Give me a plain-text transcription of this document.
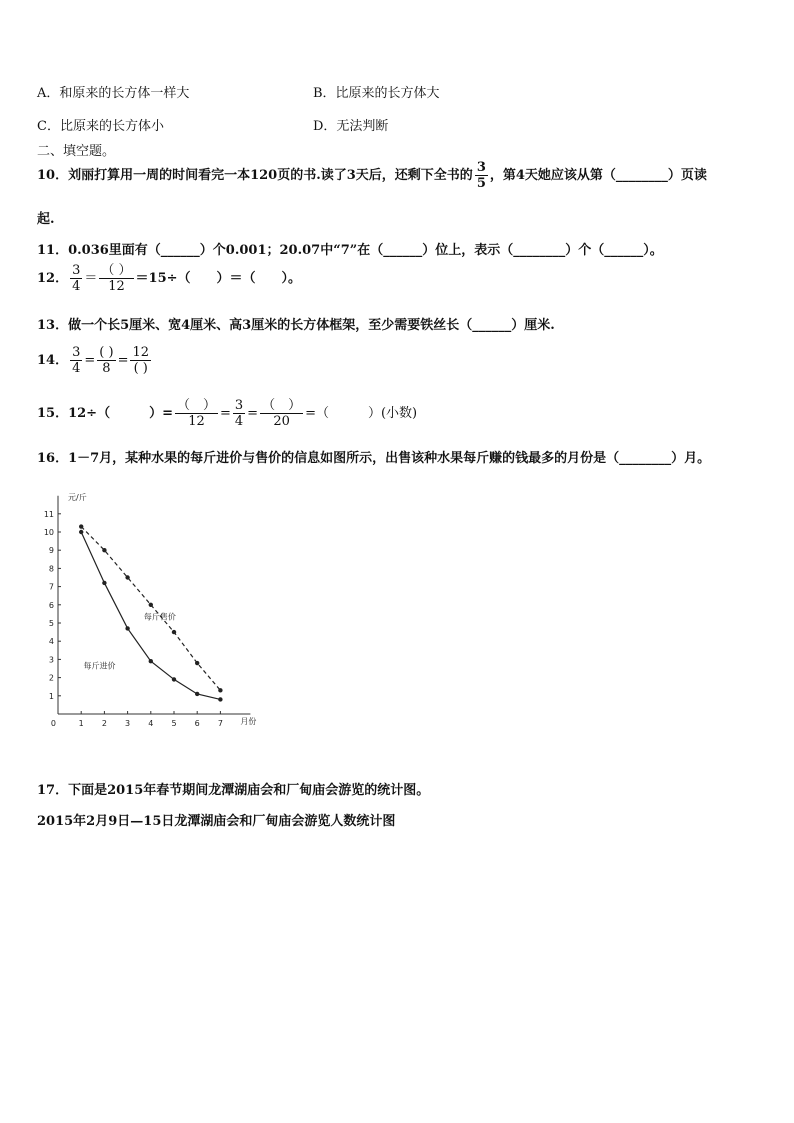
A．和原来的长方体一样大	B．比原来的长方体大
C．比原来的长方体小	D．无法判断
二、填空题。
10．刘丽打算用一周的时间看完一本120页的书.读了3天后，还剩下全书的 $\frac{3}{5}$ ，第4天她应该从第（________）页读
起.
11．0.036里面有（______）个0.001；20.07中“7”在（______）位上，表示（________）个（______）。
12． $\frac{3}{4} = \frac{( )}{12} =15\div$（　　）＝（　　）。
13．做一个长5厘米、宽4厘米、高3厘米的长方体框架，至少需要铁丝长（______）厘米.
14． $\frac{3}{4} = \frac{( )}{8} = \frac{12}{( )}$
15．12÷（　　　）= $\frac{( )}{12} = \frac{3}{4} = \frac{( )}{20}$ =（　　　）(小数)
16．1－7月，某种水果的每斤进价与售价的信息如图所示，出售该种水果每斤赚的钱最多的月份是（________）月。
1
2
3
4
5
6
7
8
9
10
11
1 2 3 4 5 6 7
0
元/斤
月份
每斤售价
每斤进价
17．下面是2015年春节期间龙潭湖庙会和厂甸庙会游览的统计图。
2015年2月9日—15日龙潭湖庙会和厂甸庙会游览人数统计图
